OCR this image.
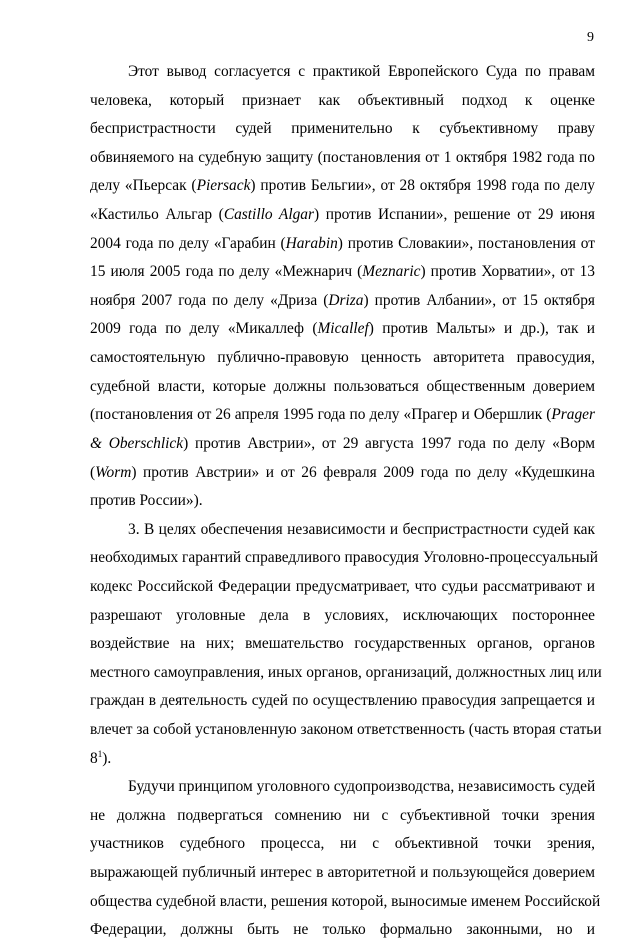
9
Этот вывод согласуется с практикой Европейского Суда по правам
человека, который признает как объективный подход к оценке
беспристрастности судей применительно к субъективному праву
обвиняемого на судебную защиту (постановления от 1 октября 1982 года по
делу «Пьерсак (Piersack) против Бельгии», от 28 октября 1998 года по делу
«Кастильо Альгар (Castillo Algar) против Испании», решение от 29 июня
2004 года по делу «Гарабин (Harabin) против Словакии», постановления от
15 июля 2005 года по делу «Межнарич (Meznaric) против Хорватии», от 13
ноября 2007 года по делу «Дриза (Driza) против Албании», от 15 октября
2009 года по делу «Микаллеф (Micallef) против Мальты» и др.), так и
самостоятельную публично-правовую ценность авторитета правосудия,
судебной власти, которые должны пользоваться общественным доверием
(постановления от 26 апреля 1995 года по делу «Прагер и Обершлик (Prager
& Oberschlick) против Австрии», от 29 августа 1997 года по делу «Ворм
(Worm) против Австрии» и от 26 февраля 2009 года по делу «Кудешкина
против России»).
3. В целях обеспечения независимости и беспристрастности судей как
необходимых гарантий справедливого правосудия Уголовно-процессуальный
кодекс Российской Федерации предусматривает, что судьи рассматривают и
разрешают уголовные дела в условиях, исключающих постороннее
воздействие на них; вмешательство государственных органов, органов
местного самоуправления, иных органов, организаций, должностных лиц или
граждан в деятельность судей по осуществлению правосудия запрещается и
влечет за собой установленную законом ответственность (часть вторая статьи
$8^1$).
Будучи принципом уголовного судопроизводства, независимость судей
не должна подвергаться сомнению ни с субъективной точки зрения
участников судебного процесса, ни с объективной точки зрения,
выражающей публичный интерес в авторитетной и пользующейся доверием
общества судебной власти, решения которой, выносимые именем Российской
Федерации, должны быть не только формально законными, но и
